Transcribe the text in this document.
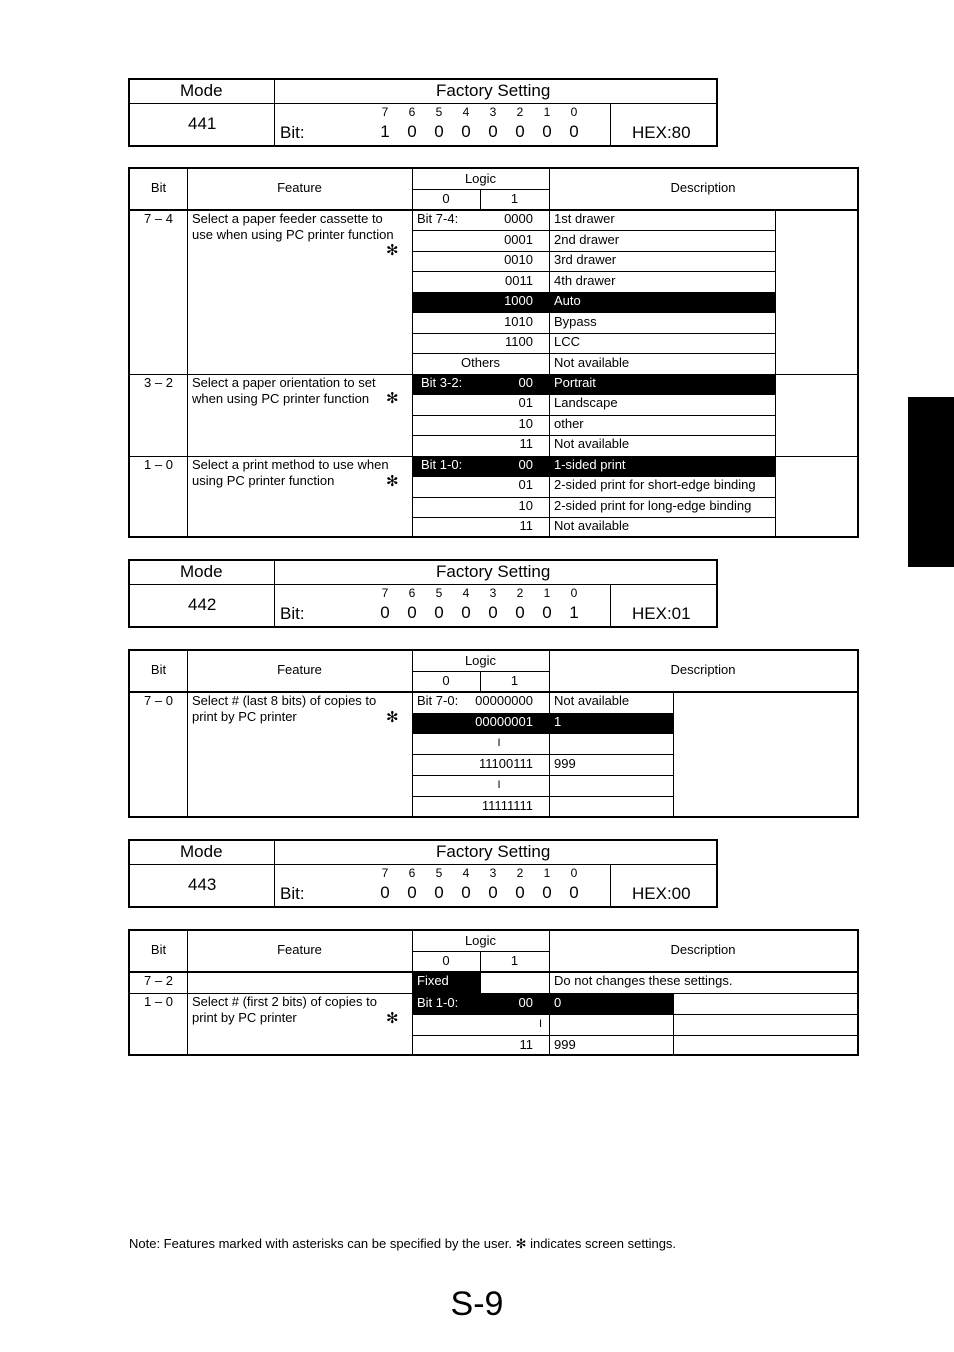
Mode	Factory Setting
441	Bit:
7	6	5	4	3	2	1	0
1	0	0	0	0	0	0	0	HEX:80
Bit	Feature
Logic
0	1
Description
7 – 4	Select a paper feeder cassette to
use when using PC printer function
✻
Bit 7-4:	0000 1st drawer
0001 2nd drawer
0010 3rd drawer
0011 4th drawer
1000 Auto
1010 Bypass
1100 LCC
Others	Not available
3 – 2	Select a paper orientation to set
when using PC printer function ✻
Bit 3-2:	00 Portrait
01 Landscape
10 other
11 Not available
1 – 0	Select a print method to use when
using PC printer function	✻
Bit 1-0:	00 1-sided print
01 2-sided print for short-edge binding
10 2-sided print for long-edge binding
11 Not available
Mode	Factory Setting
442	Bit:
7	6	5	4	3	2	1	0
0	0	0	0	0	0	0	1	HEX:01
Bit	Feature
Logic
0	1
Description
7 – 0	Select # (last 8 bits) of copies to
print by PC printer	✻
Bit 7-0:	00000000 Not available
00000001 1
I
11100111 999
I
11111111
Mode	Factory Setting
443	Bit:
7	6	5	4	3	2	1	0
0	0	0	0	0	0	0	0	HEX:00
Bit	Feature
Logic
0	1
Description
7 – 2	Fixed	Do not changes these settings.
1 – 0	Select # (first 2 bits) of copies to
print by PC printer	✻
Bit 1-0:	00 0
I
11 999
Note: Features marked with asterisks can be specified by the user. ✻ indicates screen settings.
S-9
